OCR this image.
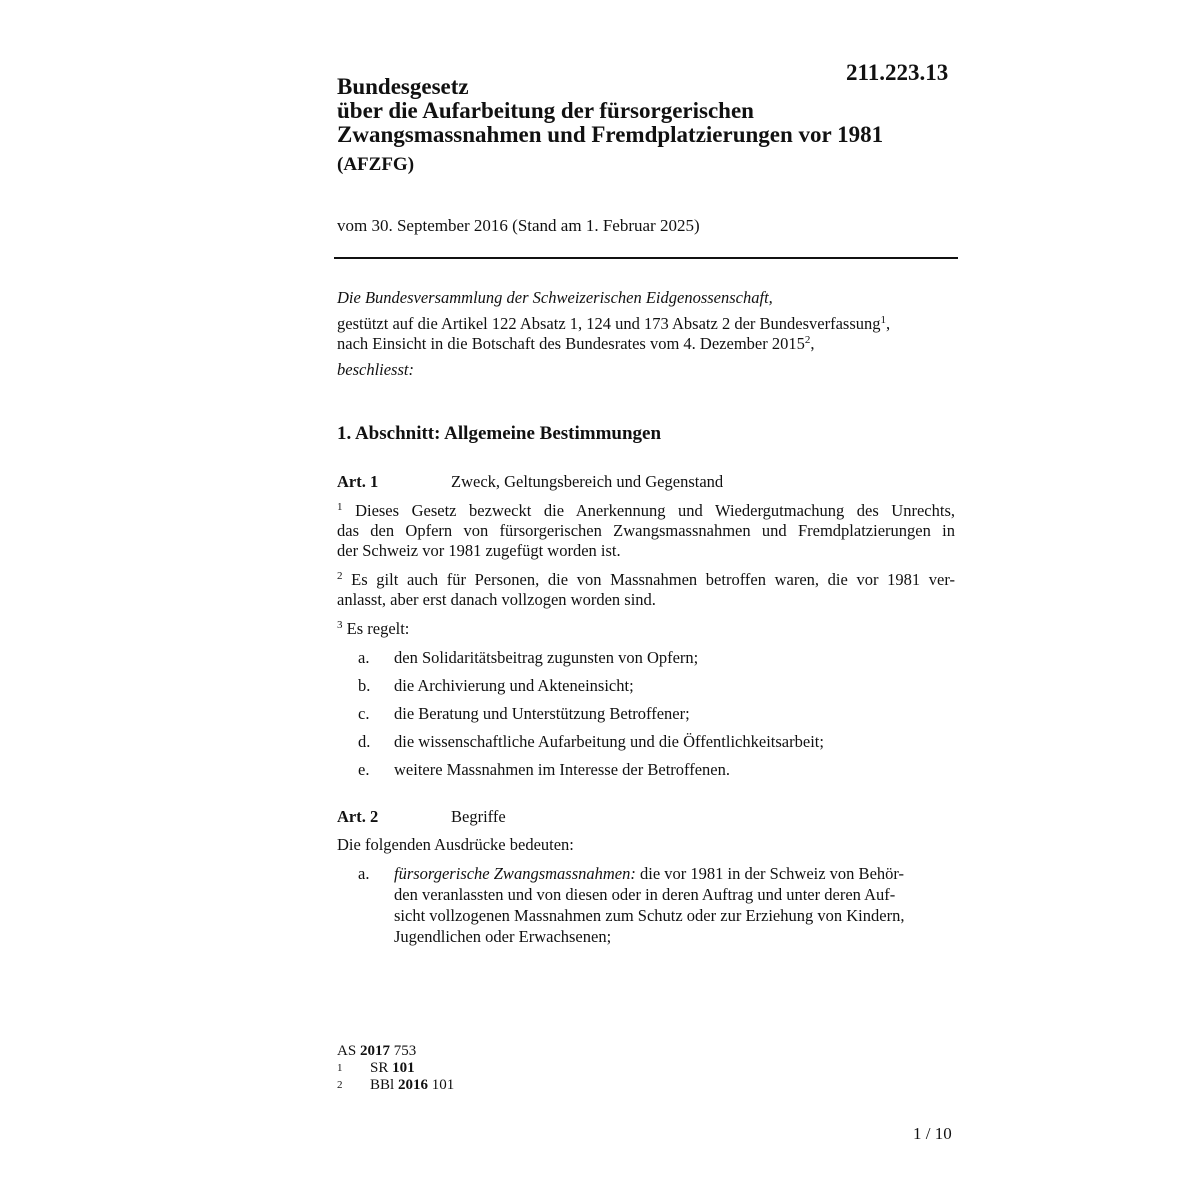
211.223.13
Bundesgesetz
über die Aufarbeitung der fürsorgerischen
Zwangsmassnahmen und Fremdplatzierungen vor 1981
(AFZFG)
vom 30. September 2016 (Stand am 1. Februar 2025)
Die Bundesversammlung der Schweizerischen Eidgenossenschaft,
gestützt auf die Artikel 122 Absatz 1, 124 und 173 Absatz 2 der Bundesverfassung$^1$,
nach Einsicht in die Botschaft des Bundesrates vom 4. Dezember 2015$^2$,
beschliesst:
1. Abschnitt: Allgemeine Bestimmungen
Art. 1	Zweck, Geltungsbereich und Gegenstand
$^1$ Dieses Gesetz bezweckt die Anerkennung und Wiedergutmachung des Unrechts,
das den Opfern von fürsorgerischen Zwangsmassnahmen und Fremdplatzierungen in
der Schweiz vor 1981 zugefügt worden ist.
$^2$ Es gilt auch für Personen, die von Massnahmen betroffen waren, die vor 1981 ver-
anlasst, aber erst danach vollzogen worden sind.
$^3$ Es regelt:
a. den Solidaritätsbeitrag zugunsten von Opfern;
b. die Archivierung und Akteneinsicht;
c. die Beratung und Unterstützung Betroffener;
d. die wissenschaftliche Aufarbeitung und die Öffentlichkeitsarbeit;
e. weitere Massnahmen im Interesse der Betroffenen.
Art. 2	Begriffe
Die folgenden Ausdrücke bedeuten:
a. fürsorgerische Zwangsmassnahmen: die vor 1981 in der Schweiz von Behör-
den veranlassten und von diesen oder in deren Auftrag und unter deren Auf-
sicht vollzogenen Massnahmen zum Schutz oder zur Erziehung von Kindern,
Jugendlichen oder Erwachsenen;
AS 2017 753
1 SR 101
2 BBl 2016 101
1 / 10
